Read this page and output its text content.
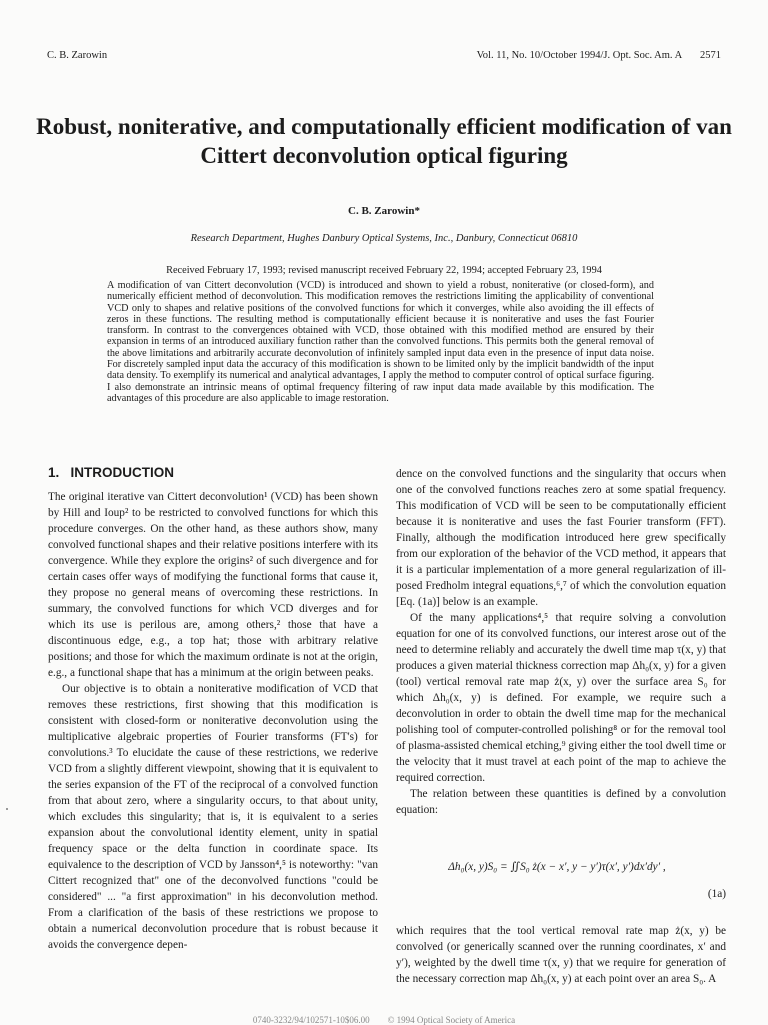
C. B. Zarowin	Vol. 11, No. 10/October 1994/J. Opt. Soc. Am. A       2571
Robust, noniterative, and computationally efficient modification of van Cittert deconvolution optical figuring
C. B. Zarowin*
Research Department, Hughes Danbury Optical Systems, Inc., Danbury, Connecticut 06810
Received February 17, 1993; revised manuscript received February 22, 1994; accepted February 23, 1994

A modification of van Cittert deconvolution (VCD) is introduced and shown to yield a robust, noniterative (or closed-form), and numerically efficient method of deconvolution. This modification removes the restrictions limiting the applicability of conventional VCD only to shapes and relative positions of the convolved functions for which it converges, while also avoiding the ill effects of zeros in these functions. The resulting method is computationally efficient because it is noniterative and uses the fast Fourier transform. In contrast to the convergences obtained with VCD, those obtained with this modified method are ensured by their expansion in terms of an introduced auxiliary function rather than the convolved functions. This permits both the general removal of the above limitations and arbitrarily accurate deconvolution of infinitely sampled input data even in the presence of input data noise. For discretely sampled input data the accuracy of this modification is shown to be limited only by the implicit bandwidth of the input data density. To exemplify its numerical and analytical advantages, I apply the method to computer control of optical surface figuring. I also demonstrate an intrinsic means of optimal frequency filtering of raw input data made available by this modification. The advantages of this procedure are also applicable to image restoration.

1.   INTRODUCTION

The original iterative van Cittert deconvolution¹ (VCD) has been shown by Hill and Ioup² to be restricted to convolved functions for which this procedure converges. On the other hand, as these authors show, many convolved functional shapes and their relative positions interfere with its convergence. While they explore the origins² of such divergence and for certain cases offer ways of modifying the functional forms that cause it, they propose no general means of overcoming these restrictions. In summary, the convolved functions for which VCD diverges and for which its use is perilous are, among others,² those that have a discontinuous edge, e.g., a top hat; those with arbitrary relative positions; and those for which the maximum ordinate is not at the origin, e.g., a functional shape that has a minimum at the origin between peaks.

Our objective is to obtain a noniterative modification of VCD that removes these restrictions, first showing that this modification is consistent with closed-form or noniterative deconvolution using the multiplicative algebraic properties of Fourier transforms (FT's) for convolutions.³ To elucidate the cause of these restrictions, we rederive VCD from a slightly different viewpoint, showing that it is equivalent to the series expansion of the FT of the reciprocal of a convolved function from that about zero, where a singularity occurs, to that about unity, which excludes this singularity; that is, it is equivalent to a series expansion about the convolutional identity element, unity in spatial frequency space or the delta function in coordinate space. Its equivalence to the description of VCD by Jansson⁴,⁵ is noteworthy: "van Cittert recognized that" one of the deconvolved functions "could be considered" ... "a first approximation" in his deconvolution method. From a clarification of the basis of these restrictions we propose to obtain a numerical deconvolution procedure that is robust because it avoids the convergence depen-

dence on the convolved functions and the singularity that occurs when one of the convolved functions reaches zero at some spatial frequency. This modification of VCD will be seen to be computationally efficient because it is noniterative and uses the fast Fourier transform (FFT). Finally, although the modification introduced here grew specifically from our exploration of the behavior of the VCD method, it appears that it is a particular implementation of a more general regularization of ill-posed Fredholm integral equations,⁶,⁷ of which the convolution equation [Eq. (1a)] below is an example.

Of the many applications⁴,⁵ that require solving a convolution equation for one of its convolved functions, our interest arose out of the need to determine reliably and accurately the dwell time map τ(x, y) that produces a given material thickness correction map Δh₀(x, y) for a given (tool) vertical removal rate map ż(x, y) over the surface area S₀ for which Δh₀(x, y) is defined. For example, we require such a deconvolution in order to obtain the dwell time map for the mechanical polishing tool of computer-controlled polishing⁸ or for the removal tool of plasma-assisted chemical etching,⁹ giving either the tool dwell time or the velocity that it must travel at each point of the map to achieve the required correction.

The relation between these quantities is defined by a convolution equation:

Δh₀(x, y)S₀ = ∬S₀ ż(x − x′, y − y′)τ(x′, y′)dx′dy′ ,
(1a)

which requires that the tool vertical removal rate map ż(x, y) be convolved (or generically scanned over the running coordinates, x′ and y′), weighted by the dwell time τ(x, y) that we require for generation of the necessary correction map Δh₀(x, y) at each point over an area S₀. A

0740-3232/94/102571-10$06.00        © 1994 Optical Society of America
